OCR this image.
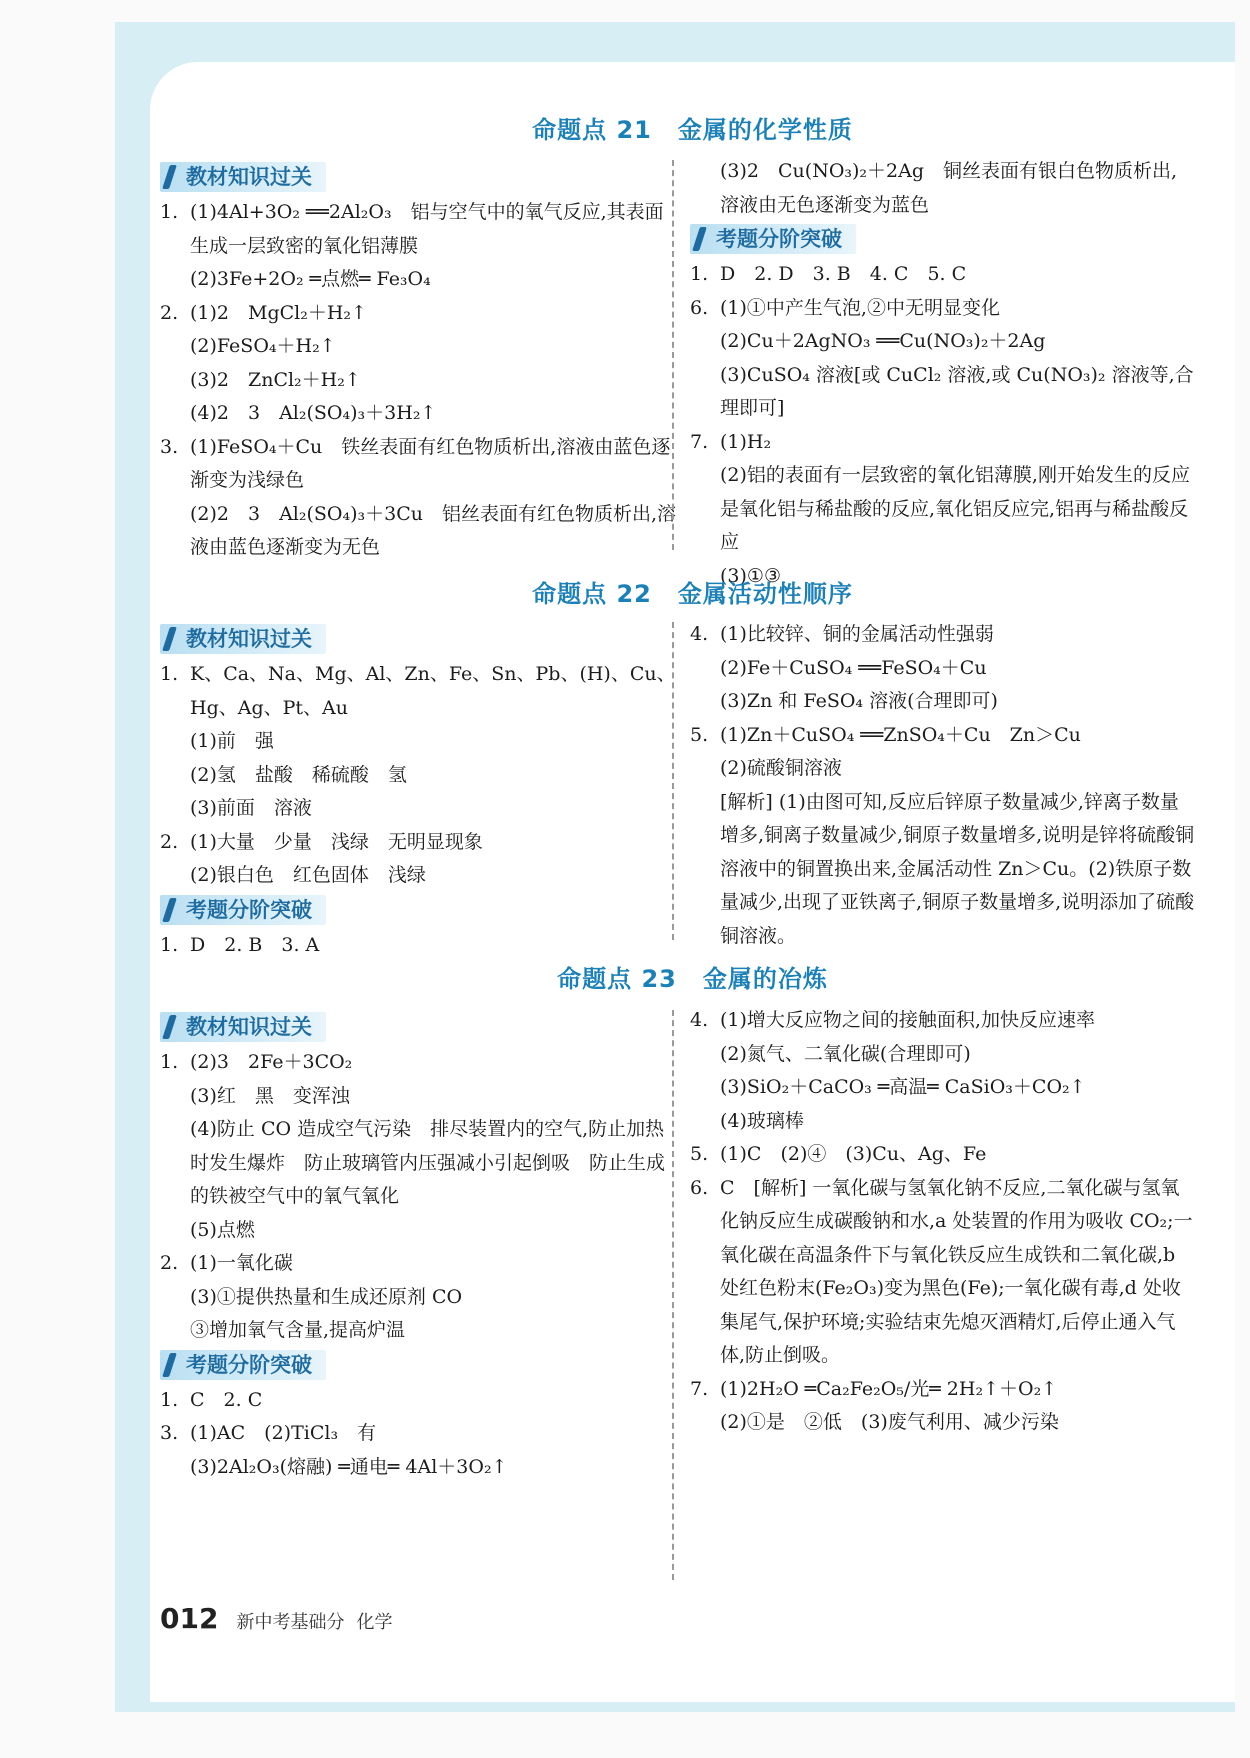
命题点 21 金属的化学性质
教材知识过关
1. (1)4Al+3O₂ ══2Al₂O₃　铝与空气中的氧气反应,其表面生成一层致密的氧化铝薄膜
(2)3Fe+2O₂ ═点燃═ Fe₃O₄
2. (1)2　MgCl₂＋H₂↑
(2)FeSO₄＋H₂↑
(3)2　ZnCl₂＋H₂↑
(4)2　3　Al₂(SO₄)₃＋3H₂↑
3. (1)FeSO₄＋Cu　铁丝表面有红色物质析出,溶液由蓝色逐渐变为浅绿色
(2)2　3　Al₂(SO₄)₃＋3Cu　铝丝表面有红色物质析出,溶液由蓝色逐渐变为无色
(3)2　Cu(NO₃)₂＋2Ag　铜丝表面有银白色物质析出,溶液由无色逐渐变为蓝色
考题分阶突破
1. D　2. D　3. B　4. C　5. C
6. (1)①中产生气泡,②中无明显变化
(2)Cu＋2AgNO₃ ══Cu(NO₃)₂＋2Ag
(3)CuSO₄ 溶液[或 CuCl₂ 溶液,或 Cu(NO₃)₂ 溶液等,合理即可]
7. (1)H₂
(2)铝的表面有一层致密的氧化铝薄膜,刚开始发生的反应是氧化铝与稀盐酸的反应,氧化铝反应完,铝再与稀盐酸反应
(3)①③
命题点 22 金属活动性顺序
教材知识过关
1. K、Ca、Na、Mg、Al、Zn、Fe、Sn、Pb、(H)、Cu、Hg、Ag、Pt、Au
(1)前　强
(2)氢　盐酸　稀硫酸　氢
(3)前面　溶液
2. (1)大量　少量　浅绿　无明显现象
(2)银白色　红色固体　浅绿
考题分阶突破
1. D　2. B　3. A
4. (1)比较锌、铜的金属活动性强弱
(2)Fe＋CuSO₄ ══FeSO₄＋Cu
(3)Zn 和 FeSO₄ 溶液(合理即可)
5. (1)Zn＋CuSO₄ ══ZnSO₄＋Cu　Zn＞Cu
(2)硫酸铜溶液
[解析] (1)由图可知,反应后锌原子数量减少,锌离子数量增多,铜离子数量减少,铜原子数量增多,说明是锌将硫酸铜溶液中的铜置换出来,金属活动性 Zn＞Cu。(2)铁原子数量减少,出现了亚铁离子,铜原子数量增多,说明添加了硫酸铜溶液。
命题点 23 金属的冶炼
教材知识过关
1. (2)3　2Fe＋3CO₂
(3)红　黑　变浑浊
(4)防止 CO 造成空气污染　排尽装置内的空气,防止加热时发生爆炸　防止玻璃管内压强减小引起倒吸　防止生成的铁被空气中的氧气氧化
(5)点燃
2. (1)一氧化碳
(3)①提供热量和生成还原剂 CO
③增加氧气含量,提高炉温
考题分阶突破
1. C　2. C
3. (1)AC　(2)TiCl₃　有
(3)2Al₂O₃(熔融) ═通电═ 4Al＋3O₂↑
4. (1)增大反应物之间的接触面积,加快反应速率
(2)氮气、二氧化碳(合理即可)
(3)SiO₂＋CaCO₃ ═高温═ CaSiO₃＋CO₂↑
(4)玻璃棒
5. (1)C　(2)④　(3)Cu、Ag、Fe
6. C　[解析] 一氧化碳与氢氧化钠不反应,二氧化碳与氢氧化钠反应生成碳酸钠和水,a 处装置的作用为吸收 CO₂;一氧化碳在高温条件下与氧化铁反应生成铁和二氧化碳,b 处红色粉末(Fe₂O₃)变为黑色(Fe);一氧化碳有毒,d 处收集尾气,保护环境;实验结束先熄灭酒精灯,后停止通入气体,防止倒吸。
7. (1)2H₂O ═Ca₂Fe₂O₅/光═ 2H₂↑＋O₂↑
(2)①是　②低　(3)废气利用、减少污染
012 新中考基础分 化学
